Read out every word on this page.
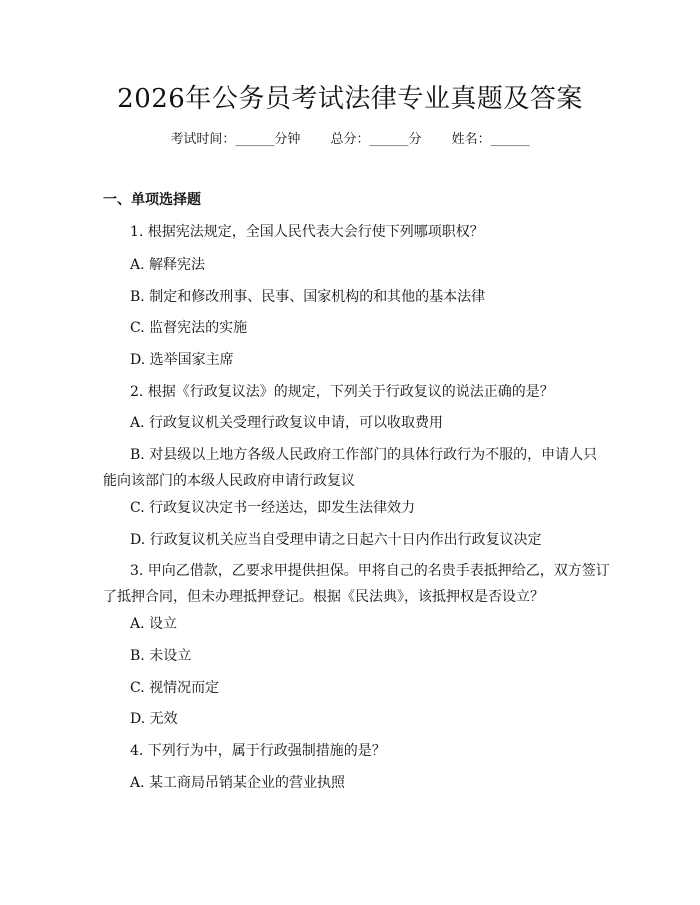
2026年公务员考试法律专业真题及答案
考试时间：______分钟 总分：______分 姓名：______
一、单项选择题
1. 根据宪法规定，全国人民代表大会行使下列哪项职权？
A. 解释宪法
B. 制定和修改刑事、民事、国家机构的和其他的基本法律
C. 监督宪法的实施
D. 选举国家主席
2. 根据《行政复议法》的规定，下列关于行政复议的说法正确的是？
A. 行政复议机关受理行政复议申请，可以收取费用
B. 对县级以上地方各级人民政府工作部门的具体行政行为不服的，申请人只能向该部门的本级人民政府申请行政复议
C. 行政复议决定书一经送达，即发生法律效力
D. 行政复议机关应当自受理申请之日起六十日内作出行政复议决定
3. 甲向乙借款，乙要求甲提供担保。甲将自己的名贵手表抵押给乙，双方签订了抵押合同，但未办理抵押登记。根据《民法典》，该抵押权是否设立？
A. 设立
B. 未设立
C. 视情况而定
D. 无效
4. 下列行为中，属于行政强制措施的是？
A. 某工商局吊销某企业的营业执照
